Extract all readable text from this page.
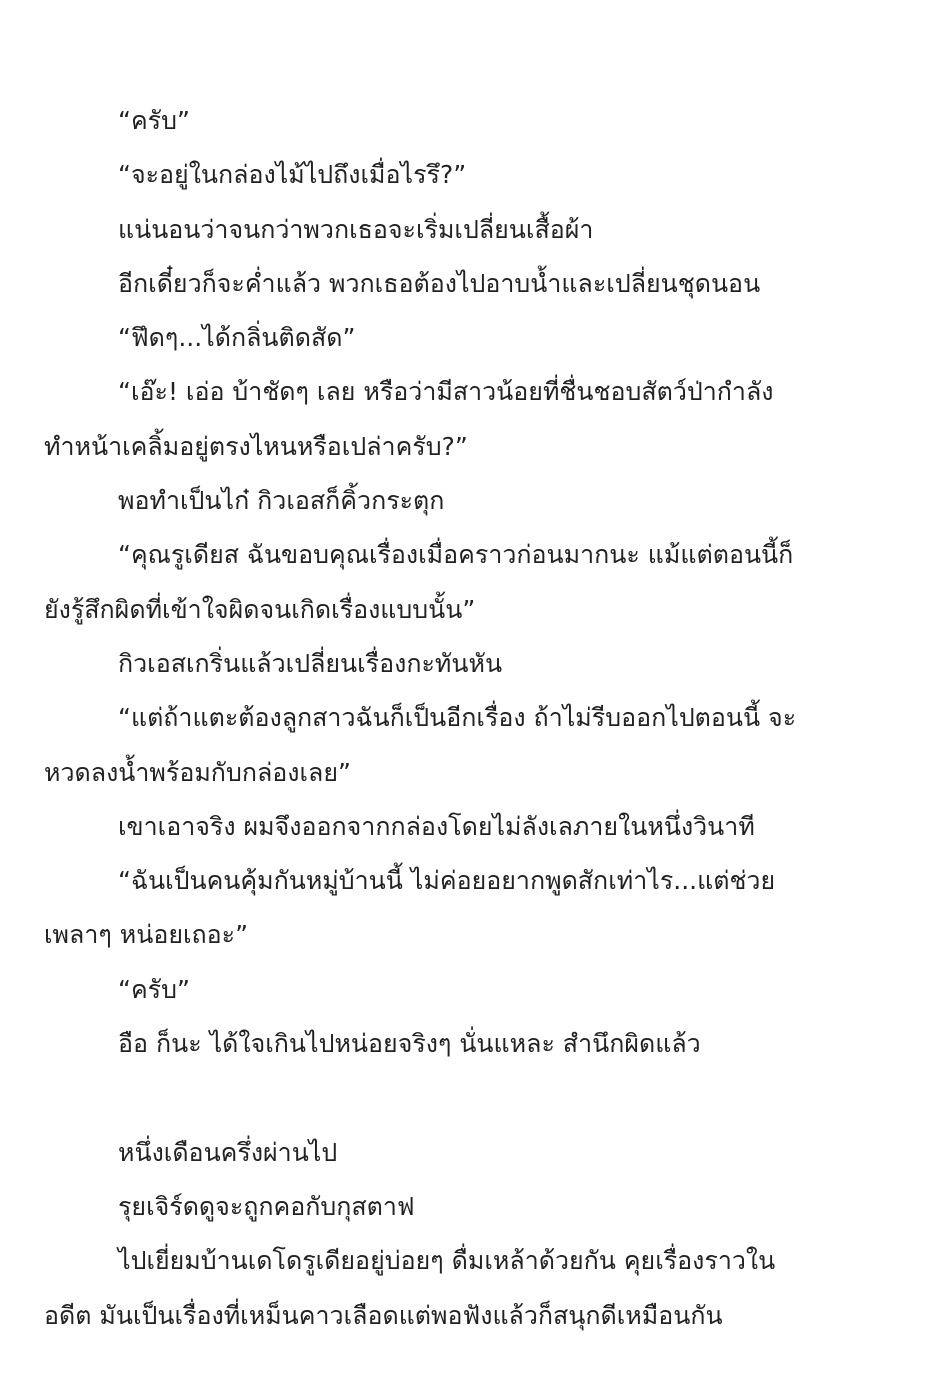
“ครับ”
“จะอยู่ในกล่องไม้ไปถึงเมื่อไรรึ?”
แน่นอนว่าจนกว่าพวกเธอจะเริ่มเปลี่ยนเสื้อผ้า
อีกเดี๋ยวก็จะค่ำแล้ว พวกเธอต้องไปอาบน้ำและเปลี่ยนชุดนอน
“ฟึดๆ...ได้กลิ่นติดสัด”
“เอ๊ะ! เอ่อ บ้าชัดๆ เลย หรือว่ามีสาวน้อยที่ชื่นชอบสัตว์ป่ากำลัง
ทำหน้าเคลิ้มอยู่ตรงไหนหรือเปล่าครับ?”
พอทำเป็นไก๋ กิวเอสก็คิ้วกระตุก
“คุณรูเดียส ฉันขอบคุณเรื่องเมื่อคราวก่อนมากนะ แม้แต่ตอนนี้ก็
ยังรู้สึกผิดที่เข้าใจผิดจนเกิดเรื่องแบบนั้น”
กิวเอสเกริ่นแล้วเปลี่ยนเรื่องกะทันหัน
“แต่ถ้าแตะต้องลูกสาวฉันก็เป็นอีกเรื่อง ถ้าไม่รีบออกไปตอนนี้ จะ
หวดลงน้ำพร้อมกับกล่องเลย”
เขาเอาจริง ผมจึงออกจากกล่องโดยไม่ลังเลภายในหนึ่งวินาที
“ฉันเป็นคนคุ้มกันหมู่บ้านนี้ ไม่ค่อยอยากพูดสักเท่าไร...แต่ช่วย
เพลาๆ หน่อยเถอะ”
“ครับ”
อือ ก็นะ ได้ใจเกินไปหน่อยจริงๆ นั่นแหละ สำนึกผิดแล้ว
หนึ่งเดือนครึ่งผ่านไป
รุยเจิร์ดดูจะถูกคอกับกุสตาฟ
ไปเยี่ยมบ้านเดโดรูเดียอยู่บ่อยๆ ดื่มเหล้าด้วยกัน คุยเรื่องราวใน
อดีต มันเป็นเรื่องที่เหม็นคาวเลือดแต่พอฟังแล้วก็สนุกดีเหมือนกัน
